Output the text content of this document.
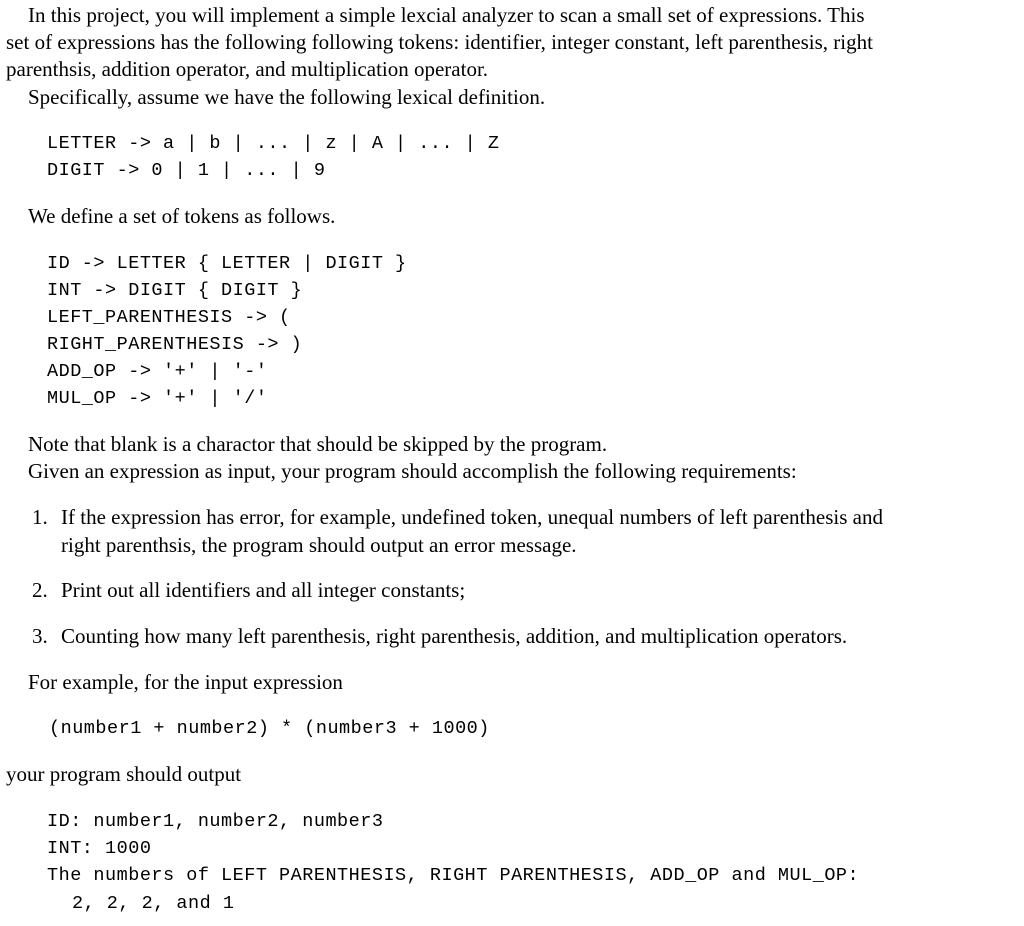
In this project, you will implement a simple lexcial analyzer to scan a small set of expressions. This
set of expressions has the following following tokens: identifier, integer constant, left parenthesis, right
parenthsis, addition operator, and multiplication operator.
Specifically, assume we have the following lexical definition.
LETTER -> a | b | ... | z | A | ... | Z
DIGIT -> 0 | 1 | ... | 9
We define a set of tokens as follows.
ID -> LETTER { LETTER | DIGIT }
INT -> DIGIT { DIGIT }
LEFT_PARENTHESIS -> (
RIGHT_PARENTHESIS -> )
ADD_OP -> '+' | '-'
MUL_OP -> '+' | '/'
Note that blank is a charactor that should be skipped by the program.
Given an expression as input, your program should accomplish the following requirements:
1. If the expression has error, for example, undefined token, unequal numbers of left parenthesis and
right parenthsis, the program should output an error message.
2. Print out all identifiers and all integer constants;
3. Counting how many left parenthesis, right parenthesis, addition, and multiplication operators.
For example, for the input expression
(number1 + number2) * (number3 + 1000)
your program should output
ID: number1, number2, number3
INT: 1000
The numbers of LEFT PARENTHESIS, RIGHT PARENTHESIS, ADD_OP and MUL_OP:
2, 2, 2, and 1
